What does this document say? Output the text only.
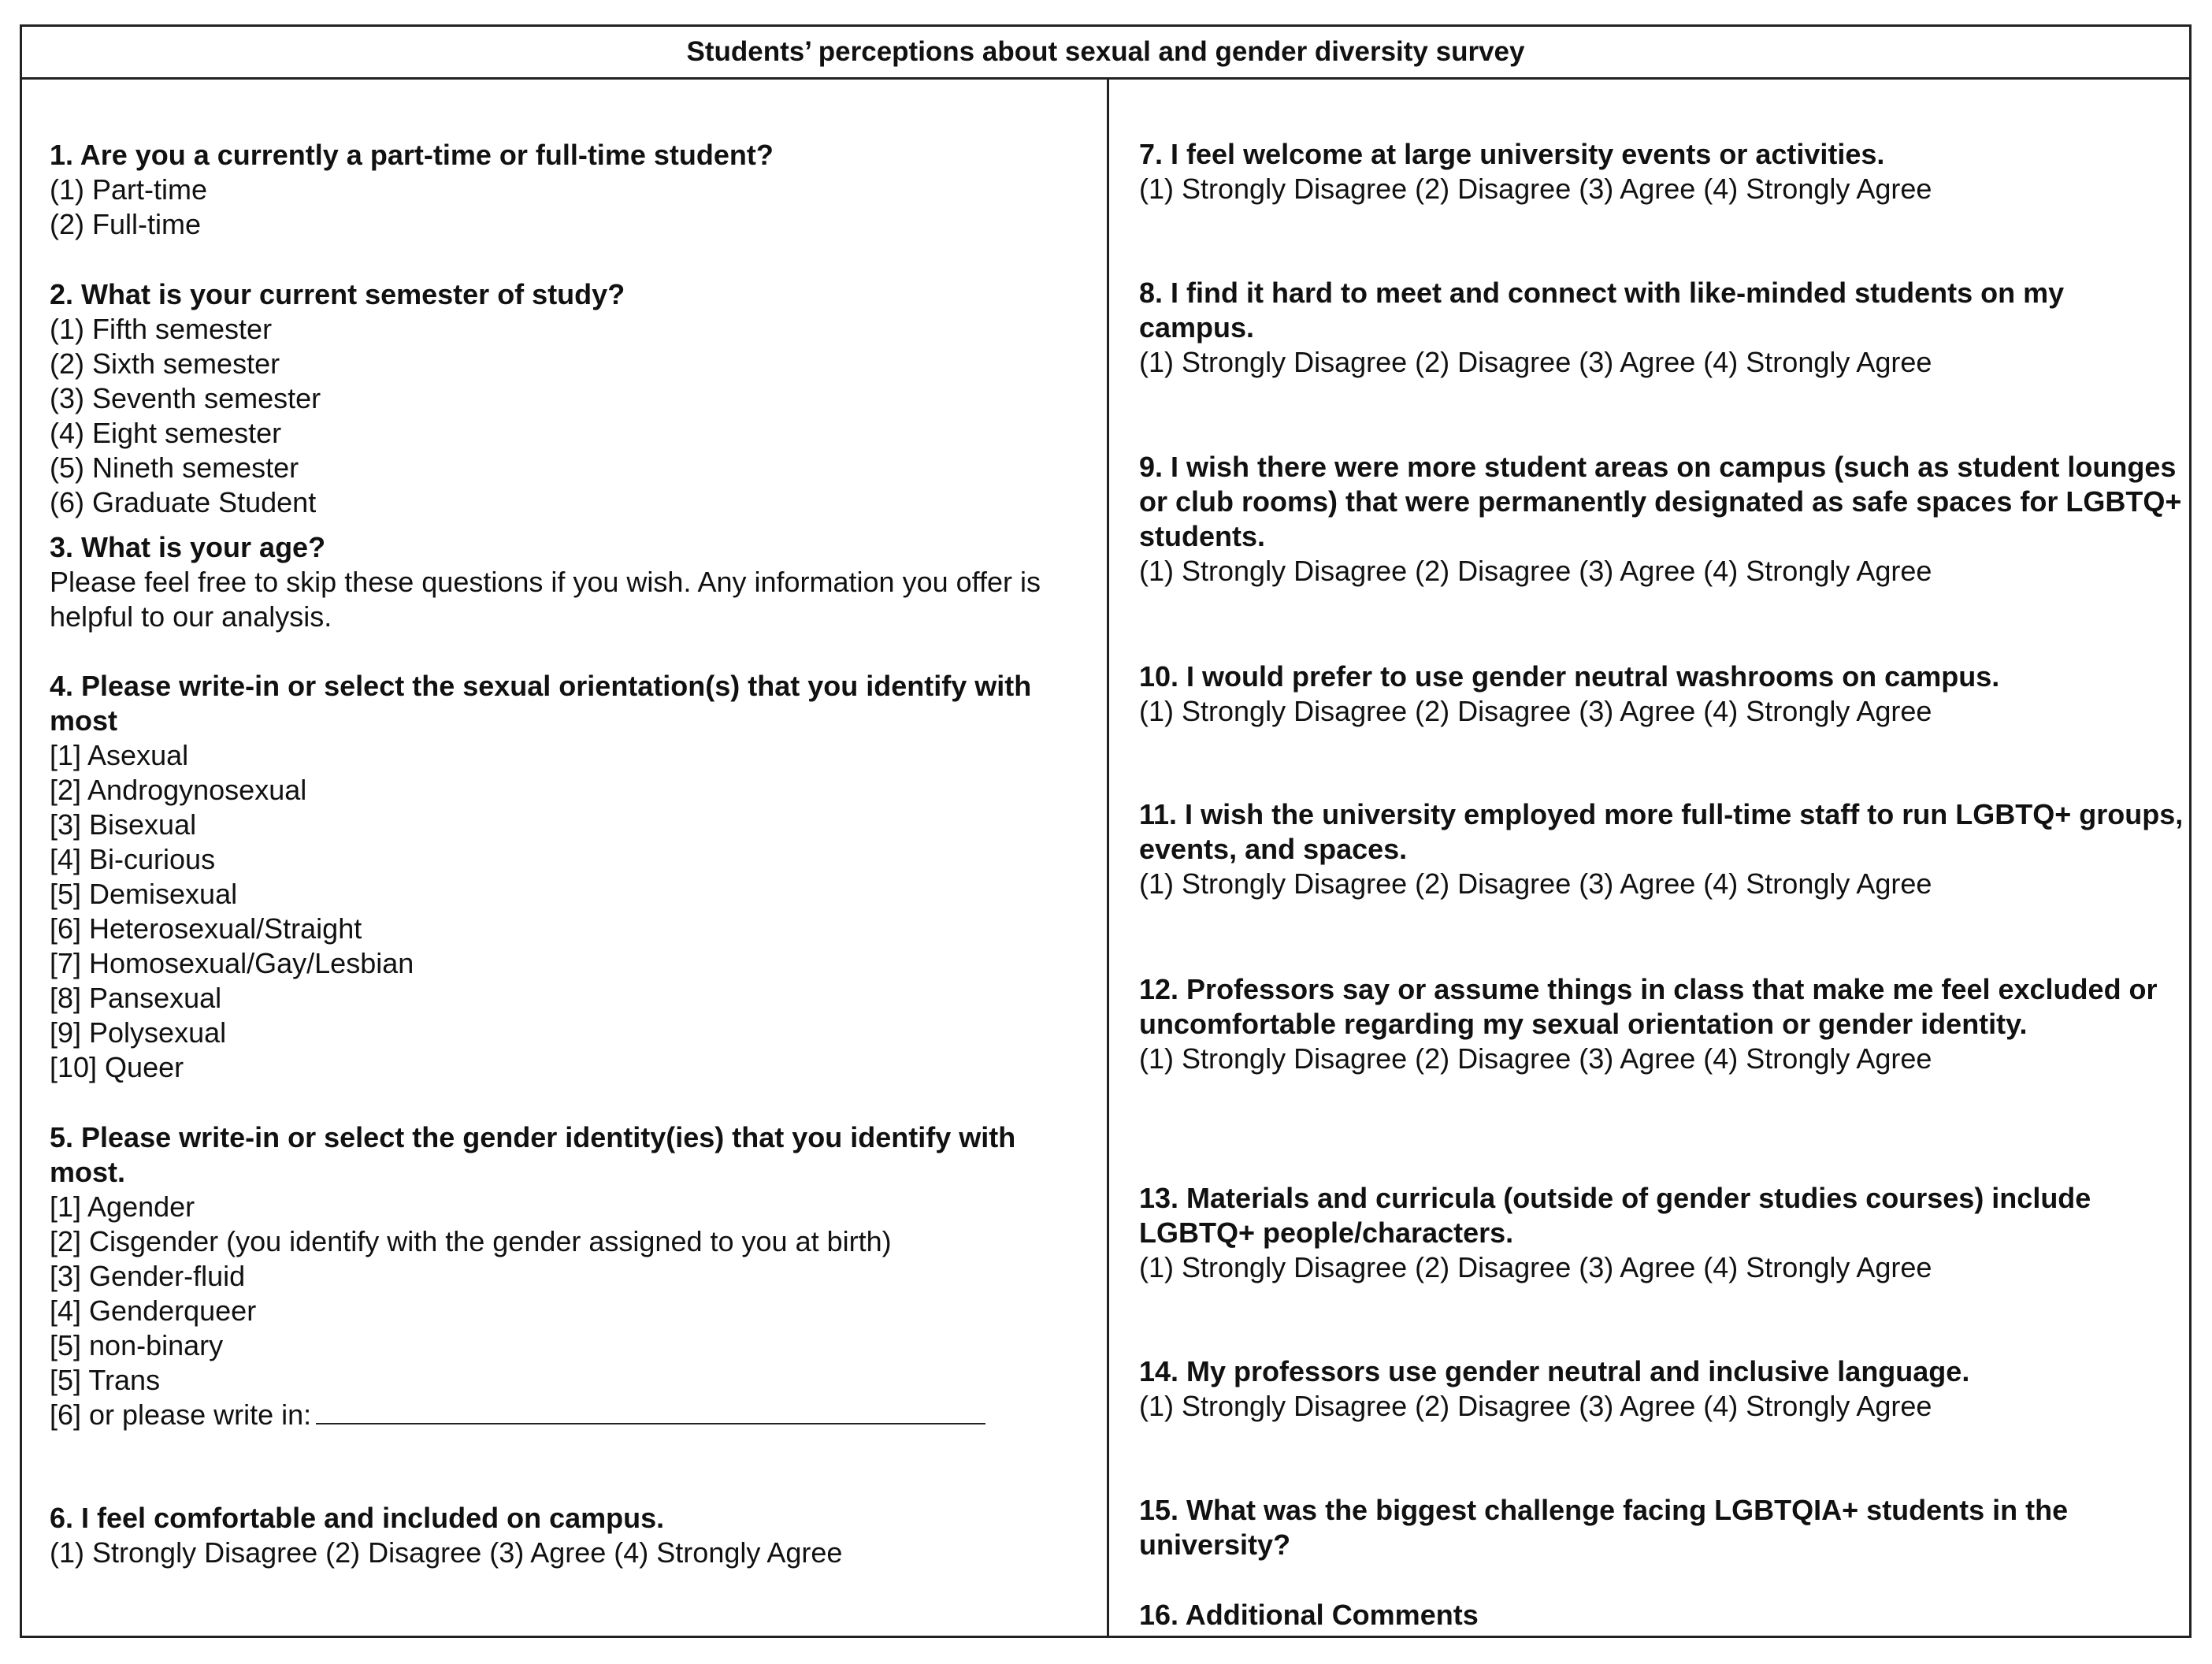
Students’ perceptions about sexual and gender diversity survey

1. Are you a currently a part-time or full-time student?

(1) Part-time

(2) Full-time

2. What is your current semester of study?

(1) Fifth semester

(2) Sixth semester

(3) Seventh semester

(4) Eight semester

(5) Nineth semester

(6) Graduate Student

3. What is your age?

Please feel free to skip these questions if you wish. Any information you offer is helpful to our analysis.

4. Please write-in or select the sexual orientation(s) that you identify with most

[1] Asexual

[2] Androgynosexual

[3] Bisexual

[4] Bi-curious

[5] Demisexual

[6] Heterosexual/Straight

[7] Homosexual/Gay/Lesbian

[8] Pansexual

[9] Polysexual

[10] Queer

5. Please write-in or select the gender identity(ies) that you identify with most.

[1] Agender

[2] Cisgender (you identify with the gender assigned to you at birth)

[3] Gender-fluid

[4] Genderqueer

[5] non-binary

[5] Trans

[6] or please write in:

6. I feel comfortable and included on campus.

(1) Strongly Disagree (2) Disagree (3) Agree (4) Strongly Agree

7. I feel welcome at large university events or activities.

(1) Strongly Disagree (2) Disagree (3) Agree (4) Strongly Agree

8. I find it hard to meet and connect with like-minded students on my campus.

(1) Strongly Disagree (2) Disagree (3) Agree (4) Strongly Agree

9. I wish there were more student areas on campus (such as student lounges or club rooms) that were permanently designated as safe spaces for LGBTQ+ students.

(1) Strongly Disagree (2) Disagree (3) Agree (4) Strongly Agree

10. I would prefer to use gender neutral washrooms on campus.

(1) Strongly Disagree (2) Disagree (3) Agree (4) Strongly Agree

11. I wish the university employed more full-time staff to run LGBTQ+ groups, events, and spaces.

(1) Strongly Disagree (2) Disagree (3) Agree (4) Strongly Agree

12. Professors say or assume things in class that make me feel excluded or uncomfortable regarding my sexual orientation or gender identity.

(1) Strongly Disagree (2) Disagree (3) Agree (4) Strongly Agree

13. Materials and curricula (outside of gender studies courses) include LGBTQ+ people/characters.

(1) Strongly Disagree (2) Disagree (3) Agree (4) Strongly Agree

14. My professors use gender neutral and inclusive language.

(1) Strongly Disagree (2) Disagree (3) Agree (4) Strongly Agree

15. What was the biggest challenge facing LGBTQIA+ students in the university?

16. Additional Comments
